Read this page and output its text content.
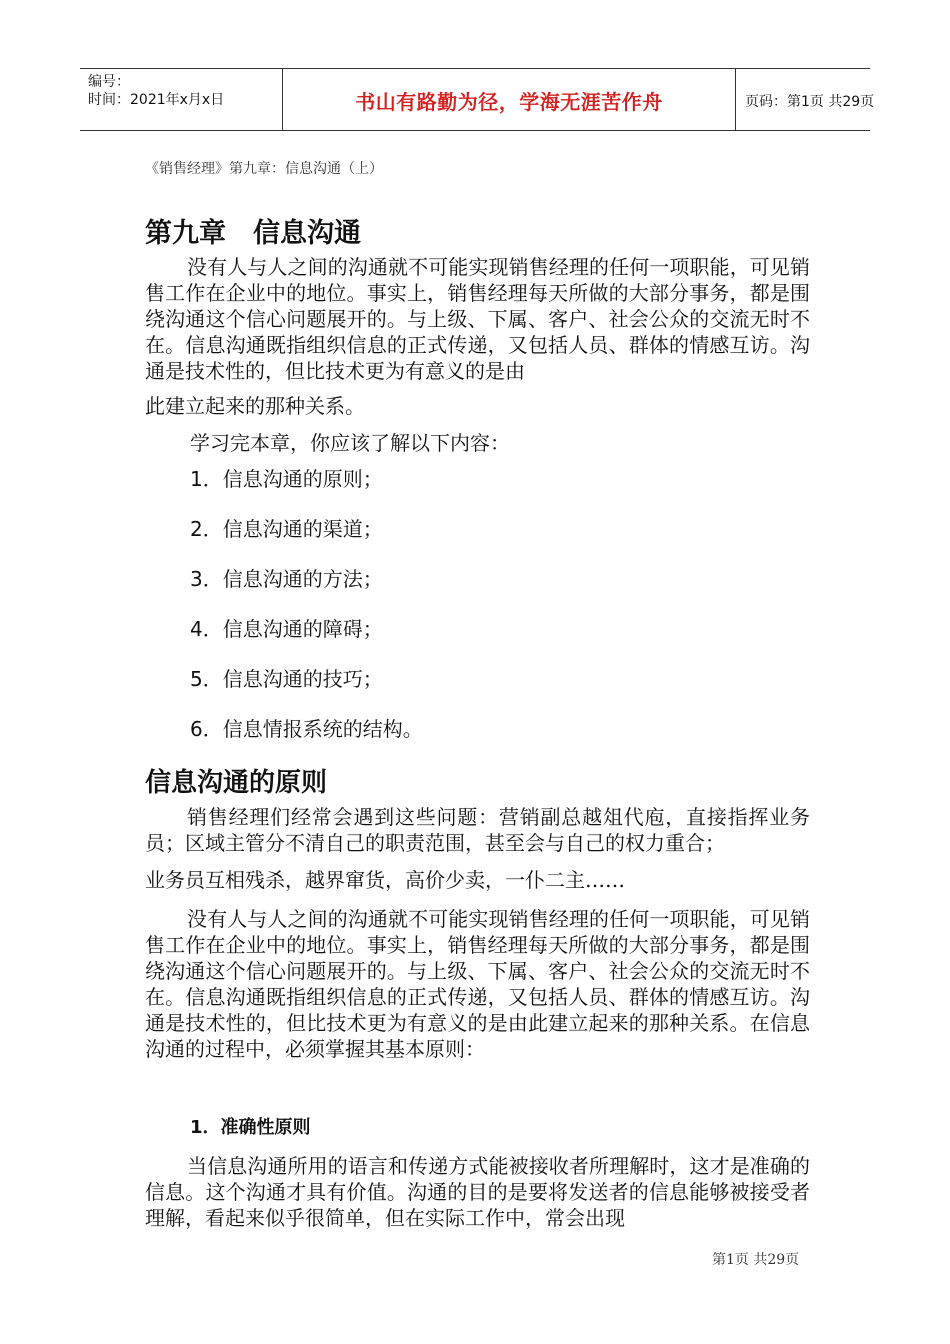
编号：
时间：2021年x月x日	书山有路勤为径，学海无涯苦作舟	页码：第1页 共29页
《销售经理》第九章：信息沟通（上）
第九章　信息沟通

没有人与人之间的沟通就不可能实现销售经理的任何一项职能，可见销售工作在企业中的地位。事实上，销售经理每天所做的大部分事务，都是围绕沟通这个信心问题展开的。与上级、下属、客户、社会公众的交流无时不在。信息沟通既指组织信息的正式传递，又包括人员、群体的情感互访。沟通是技术性的，但比技术更为有意义的是由

此建立起来的那种关系。

学习完本章，你应该了解以下内容：

1．信息沟通的原则；
2．信息沟通的渠道；
3．信息沟通的方法；
4．信息沟通的障碍；
5．信息沟通的技巧；
6．信息情报系统的结构。
信息沟通的原则

销售经理们经常会遇到这些问题：营销副总越俎代庖，直接指挥业务员；区域主管分不清自己的职责范围，甚至会与自己的权力重合；

业务员互相残杀，越界窜货，高价少卖，一仆二主……

没有人与人之间的沟通就不可能实现销售经理的任何一项职能，可见销售工作在企业中的地位。事实上，销售经理每天所做的大部分事务，都是围绕沟通这个信心问题展开的。与上级、下属、客户、社会公众的交流无时不在。信息沟通既指组织信息的正式传递，又包括人员、群体的情感互访。沟通是技术性的，但比技术更为有意义的是由此建立起来的那种关系。在信息沟通的过程中，必须掌握其基本原则：

1．准确性原则

当信息沟通所用的语言和传递方式能被接收者所理解时，这才是准确的信息。这个沟通才具有价值。沟通的目的是要将发送者的信息能够被接受者理解，看起来似乎很简单，但在实际工作中，常会出现

第1页 共29页
